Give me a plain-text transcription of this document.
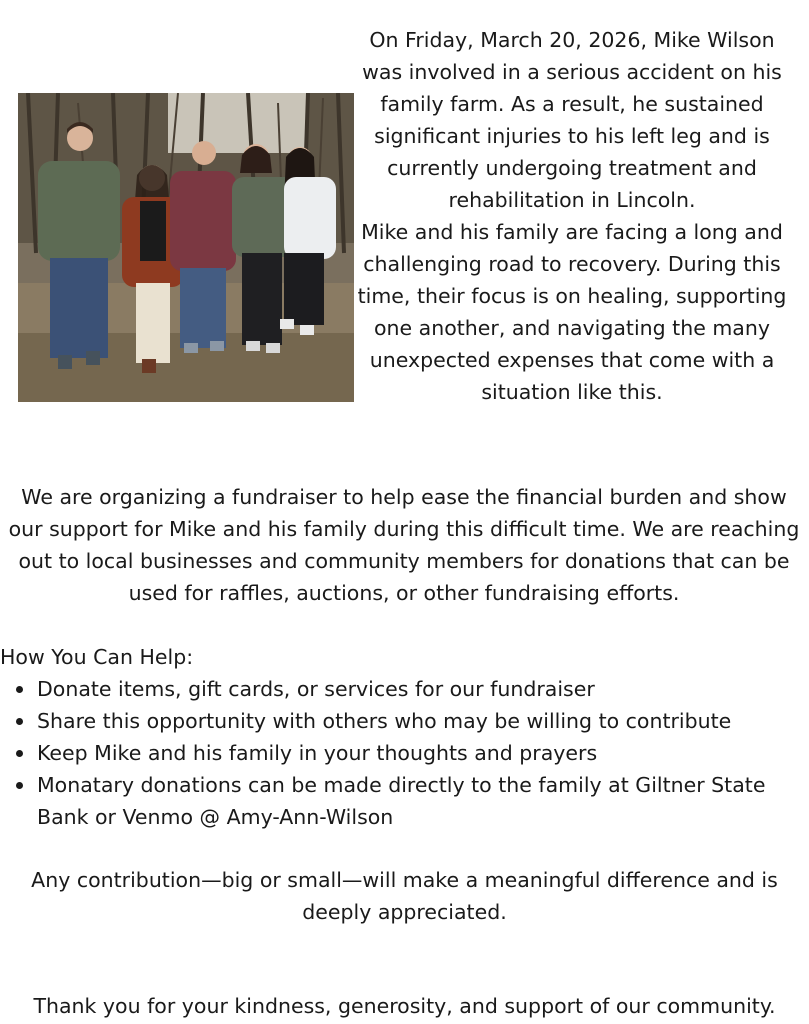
On Friday, March 20, 2026, Mike Wilson was involved in a serious accident on his family farm. As a result, he sustained significant injuries to his left leg and is currently undergoing treatment and rehabilitation in Lincoln.

Mike and his family are facing a long and challenging road to recovery. During this time, their focus is on healing, supporting one another, and navigating the many unexpected expenses that come with a situation like this.

We are organizing a fundraiser to help ease the financial burden and show our support for Mike and his family during this difficult time. We are reaching out to local businesses and community members for donations that can be used for raffles, auctions, or other fundraising efforts.

How You Can Help:

Donate items, gift cards, or services for our fundraiser
Share this opportunity with others who may be willing to contribute
Keep Mike and his family in your thoughts and prayers
Monatary donations can be made directly to the family at Giltner State Bank or Venmo @ Amy-Ann-Wilson

Any contribution—big or small—will make a meaningful difference and is deeply appreciated.

Thank you for your kindness, generosity, and support of our community.
